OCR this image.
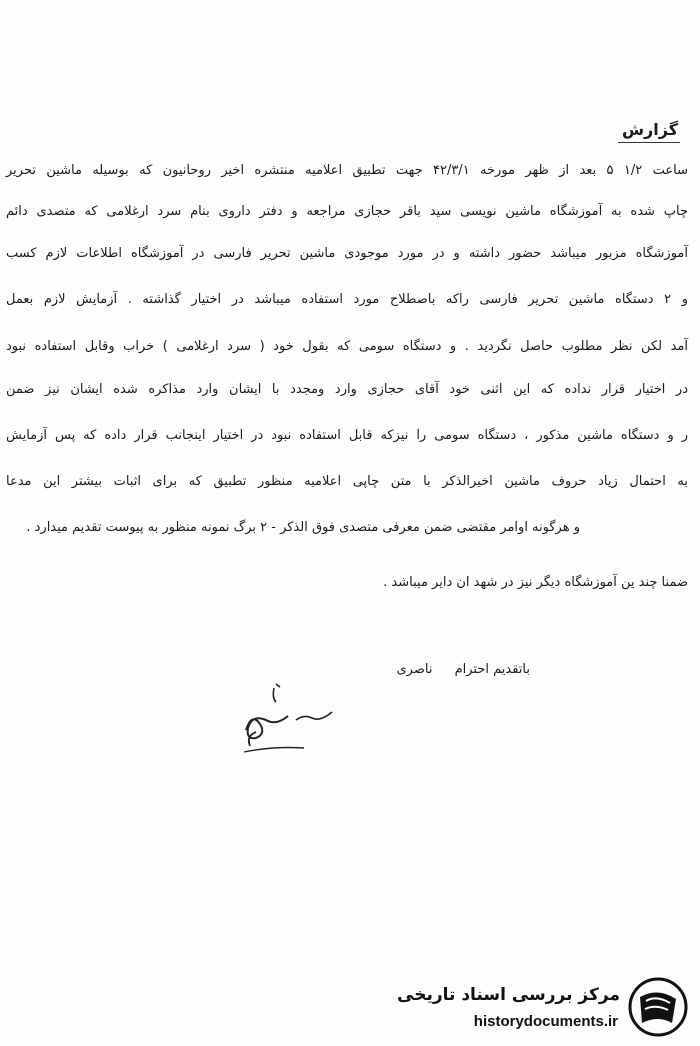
گزارش
ساعت ۱/۲ ۵ بعد از ظهر مورخه ۴۲/۳/۱ جهت تطبیق اعلامیه منتشره اخیر روحانیون که بوسیله ماشین تحریر
چاپ شده به آموزشگاه ماشین نویسی سید باقر حجازی مراجعه و دفتر داروی بنام سرد ارغلامی که متصدی دائم
آموزشگاه مزبور میباشد حضور داشته و در مورد موجودی ماشین تحریر فارسی در آموزشگاه اطلاعات لازم کسب
و ۲ دستگاه ماشین تحریر فارسی راکه باصطلاح مورد استفاده میباشد در اختیار گذاشته . آزمایش لازم بعمل
آمد لکن نظر مطلوب حاصل نگردید . و دستگاه سومی که بقول خود ( سرد ارغلامی ) خراب وقابل استفاده نبود
در اختیار قرار نداده که این اثنی خود آقای حجازی وارد ومجدد با ایشان وارد مذاکره شده ایشان نیز ضمن
ر و دستگاه ماشین مذکور ، دستگاه سومی را نیزکه قابل استفاده نبود در اختیار اینجانب قرار داده که پس آزمایش
به احتمال زیاد حروف ماشین اخیرالذکر با متن چاپی اعلامیه منظور تطبیق که برای اثبات بیشتر این مدعا
و هرگونه اوامر مقتضی ضمن معرفی متصدی فوق الذکر - ۲ برگ نمونه منظور به پیوست تقدیم میدارد .
ضمنا چند ین آموزشگاه دیگر نیز در شهد ان دایر میباشد .
باتقدیم احترام ناصری
مرکز بررسی اسناد تاریخی
historydocuments.ir
